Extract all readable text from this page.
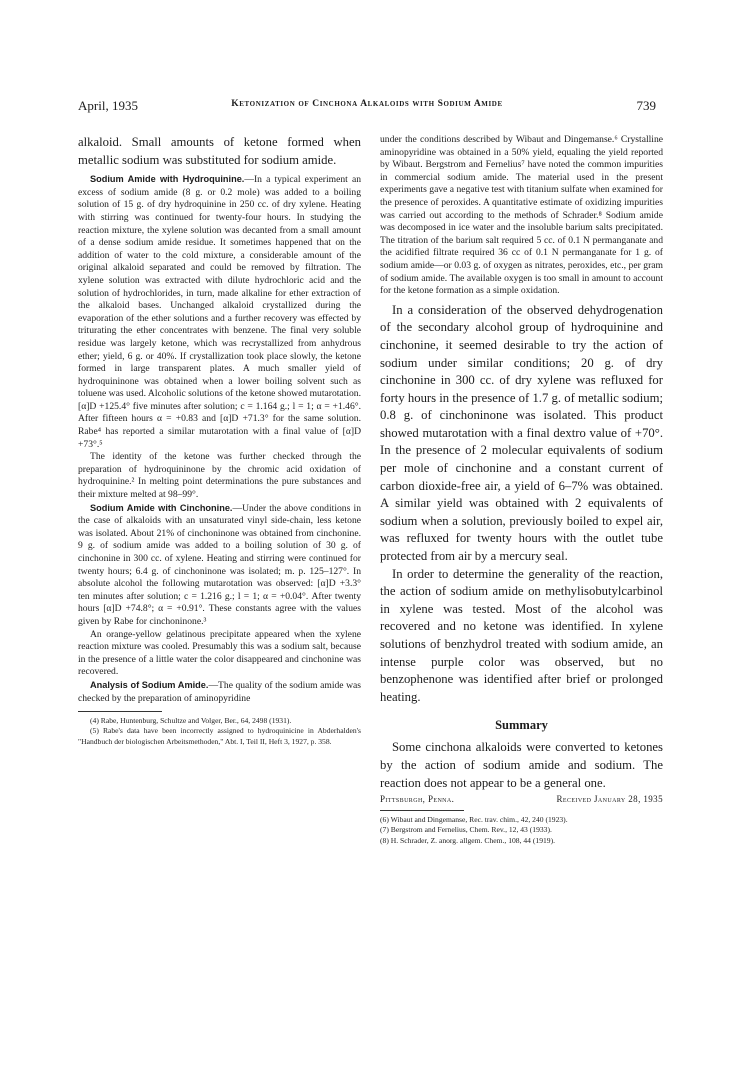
April, 1935	Ketonization of Cinchona Alkaloids with Sodium Amide	739

alkaloid. Small amounts of ketone formed when metallic sodium was substituted for sodium amide.

Sodium Amide with Hydroquinine.—In a typical experiment an excess of sodium amide (8 g. or 0.2 mole) was added to a boiling solution of 15 g. of dry hydroquinine in 250 cc. of dry xylene. Heating with stirring was continued for twenty-four hours. In studying the reaction mixture, the xylene solution was decanted from a small amount of a dense sodium amide residue. It sometimes happened that on the addition of water to the cold mixture, a considerable amount of the original alkaloid separated and could be removed by filtration. The xylene solution was extracted with dilute hydrochloric acid and the solution of hydrochlorides, in turn, made alkaline for ether extraction of the alkaloid bases. Unchanged alkaloid crystallized during the evaporation of the ether solutions and a further recovery was effected by triturating the ether concentrates with benzene. The final very soluble residue was largely ketone, which was recrystallized from anhydrous ether; yield, 6 g. or 40%. If crystallization took place slowly, the ketone formed in large transparent plates. A much smaller yield of hydroquininone was obtained when a lower boiling solvent such as toluene was used. Alcoholic solutions of the ketone showed mutarotation. [α]D +125.4° five minutes after solution; c = 1.164 g.; l = 1; α = +1.46°. After fifteen hours α = +0.83 and [α]D +71.3° for the same solution. Rabe⁴ has reported a similar mutarotation with a final value of [α]D +73°.⁵

The identity of the ketone was further checked through the preparation of hydroquininone by the chromic acid oxidation of hydroquinine.² In melting point determinations the pure substances and their mixture melted at 98–99°.

Sodium Amide with Cinchonine.—Under the above conditions in the case of alkaloids with an unsaturated vinyl side-chain, less ketone was isolated. About 21% of cinchoninone was obtained from cinchonine. 9 g. of sodium amide was added to a boiling solution of 30 g. of cinchonine in 300 cc. of xylene. Heating and stirring were continued for twenty hours; 6.4 g. of cinchoninone was isolated; m. p. 125–127°. In absolute alcohol the following mutarotation was observed: [α]D +3.3° ten minutes after solution; c = 1.216 g.; l = 1; α = +0.04°. After twenty hours [α]D +74.8°; α = +0.91°. These constants agree with the values given by Rabe for cinchoninone.³

An orange-yellow gelatinous precipitate appeared when the xylene reaction mixture was cooled. Presumably this was a sodium salt, because in the presence of a little water the color disappeared and cinchonine was recovered.

Analysis of Sodium Amide.—The quality of the sodium amide was checked by the preparation of aminopyridine

(4) Rabe, Huntenburg, Schultze and Volger, Ber., 64, 2498 (1931).

(5) Rabe's data have been incorrectly assigned to hydroquinicine in Abderhalden's "Handbuch der biologischen Arbeitsmethoden," Abt. I, Teil II, Heft 3, 1927, p. 358.

under the conditions described by Wibaut and Dingemanse.⁶ Crystalline aminopyridine was obtained in a 50% yield, equaling the yield reported by Wibaut. Bergstrom and Fernelius⁷ have noted the common impurities in commercial sodium amide. The material used in the present experiments gave a negative test with titanium sulfate when examined for the presence of peroxides. A quantitative estimate of oxidizing impurities was carried out according to the methods of Schrader.⁸ Sodium amide was decomposed in ice water and the insoluble barium salts precipitated. The titration of the barium salt required 5 cc. of 0.1 N permanganate and the acidified filtrate required 36 cc of 0.1 N permanganate for 1 g. of sodium amide—or 0.03 g. of oxygen as nitrates, peroxides, etc., per gram of sodium amide. The available oxygen is too small in amount to account for the ketone formation as a simple oxidation.

In a consideration of the observed dehydrogenation of the secondary alcohol group of hydroquinine and cinchonine, it seemed desirable to try the action of sodium under similar conditions; 20 g. of dry cinchonine in 300 cc. of dry xylene was refluxed for forty hours in the presence of 1.7 g. of metallic sodium; 0.8 g. of cinchoninone was isolated. This product showed mutarotation with a final dextro value of +70°. In the presence of 2 molecular equivalents of sodium per mole of cinchonine and a constant current of carbon dioxide-free air, a yield of 6–7% was obtained. A similar yield was obtained with 2 equivalents of sodium when a solution, previously boiled to expel air, was refluxed for twenty hours with the outlet tube protected from air by a mercury seal.

In order to determine the generality of the reaction, the action of sodium amide on methylisobutylcarbinol in xylene was tested. Most of the alcohol was recovered and no ketone was identified. In xylene solutions of benzhydrol treated with sodium amide, an intense purple color was observed, but no benzophenone was identified after brief or prolonged heating.

Summary

Some cinchona alkaloids were converted to ketones by the action of sodium amide and sodium. The reaction does not appear to be a general one.

Pittsburgh, Penna.	Received January 28, 1935

(6) Wibaut and Dingemanse, Rec. trav. chim., 42, 240 (1923).

(7) Bergstrom and Fernelius, Chem. Rev., 12, 43 (1933).

(8) H. Schrader, Z. anorg. allgem. Chem., 108, 44 (1919).
